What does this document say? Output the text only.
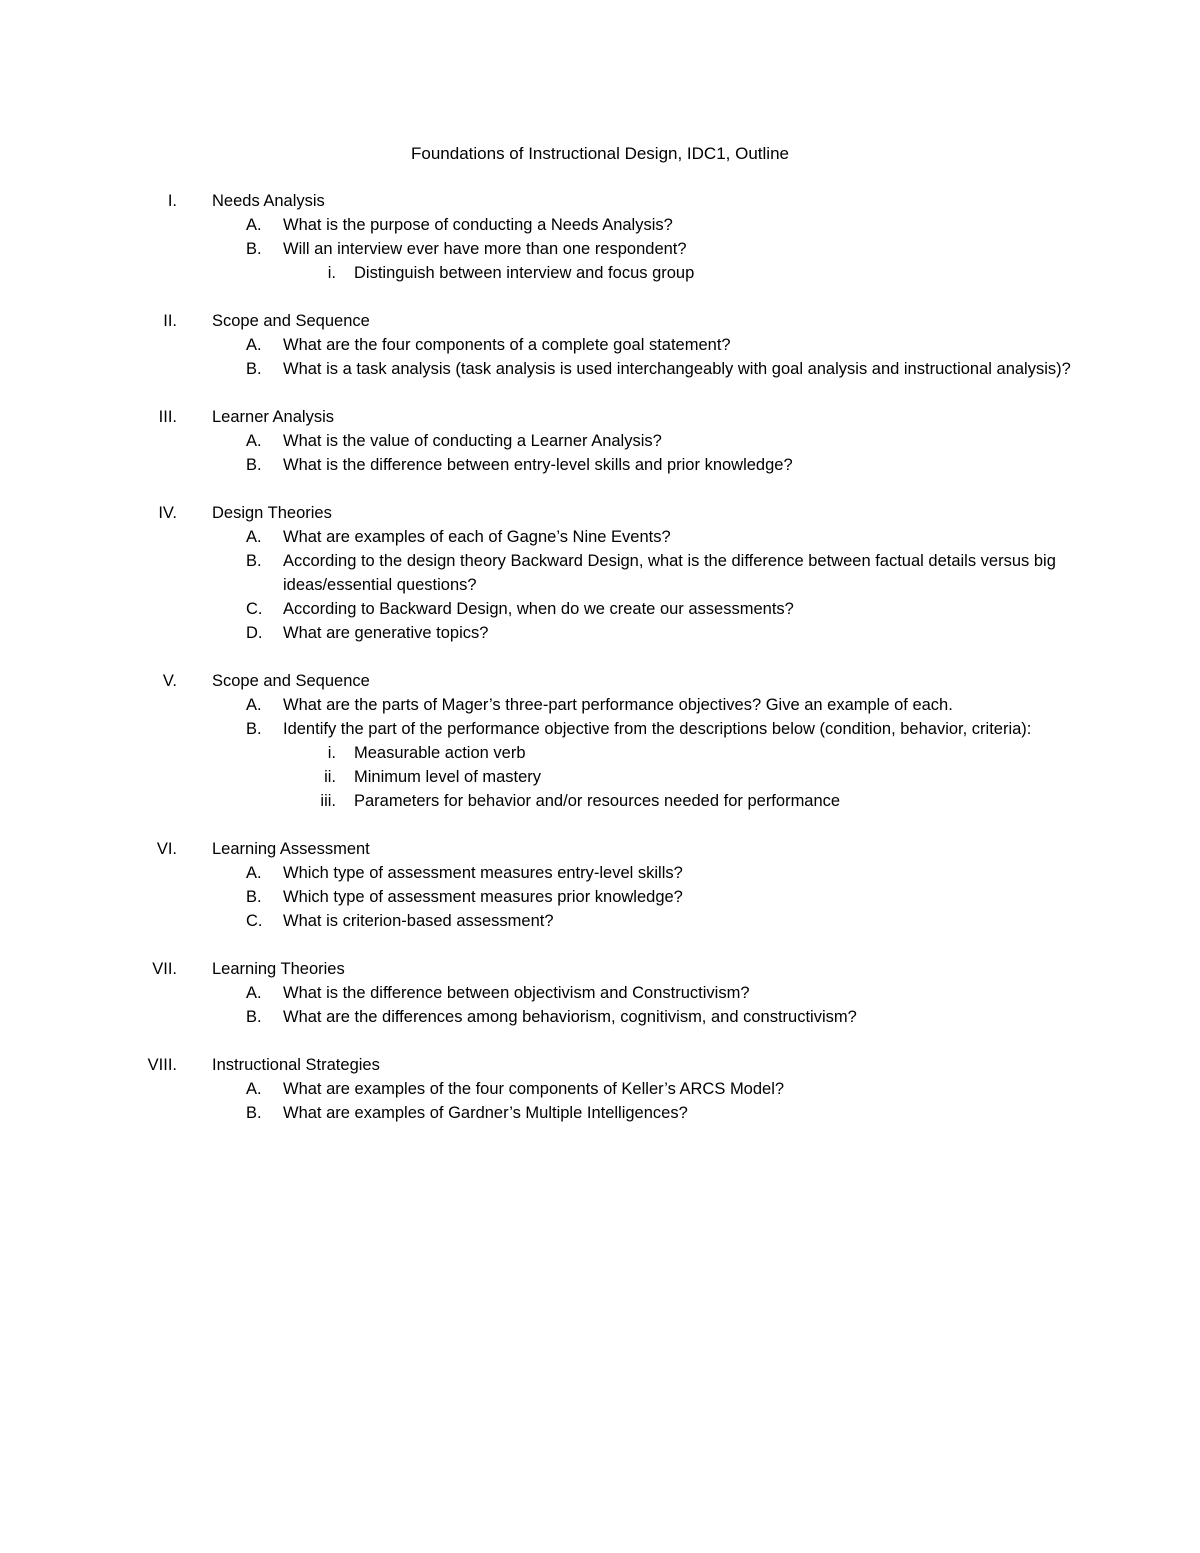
Foundations of Instructional Design, IDC1, Outline
I. Needs Analysis
A. What is the purpose of conducting a Needs Analysis?
B. Will an interview ever have more than one respondent?
i. Distinguish between interview and focus group
II. Scope and Sequence
A. What are the four components of a complete goal statement?
B. What is a task analysis (task analysis is used interchangeably with goal analysis and instructional analysis)?
III. Learner Analysis
A. What is the value of conducting a Learner Analysis?
B. What is the difference between entry-level skills and prior knowledge?
IV. Design Theories
A. What are examples of each of Gagne’s Nine Events?
B. According to the design theory Backward Design, what is the difference between factual details versus big ideas/essential questions?
C. According to Backward Design, when do we create our assessments?
D. What are generative topics?
V. Scope and Sequence
A. What are the parts of Mager’s three-part performance objectives? Give an example of each.
B. Identify the part of the performance objective from the descriptions below (condition, behavior, criteria):
i. Measurable action verb
ii. Minimum level of mastery
iii. Parameters for behavior and/or resources needed for performance
VI. Learning Assessment
A. Which type of assessment measures entry-level skills?
B. Which type of assessment measures prior knowledge?
C. What is criterion-based assessment?
VII. Learning Theories
A. What is the difference between objectivism and Constructivism?
B. What are the differences among behaviorism, cognitivism, and constructivism?
VIII. Instructional Strategies
A. What are examples of the four components of Keller’s ARCS Model?
B. What are examples of Gardner’s Multiple Intelligences?
